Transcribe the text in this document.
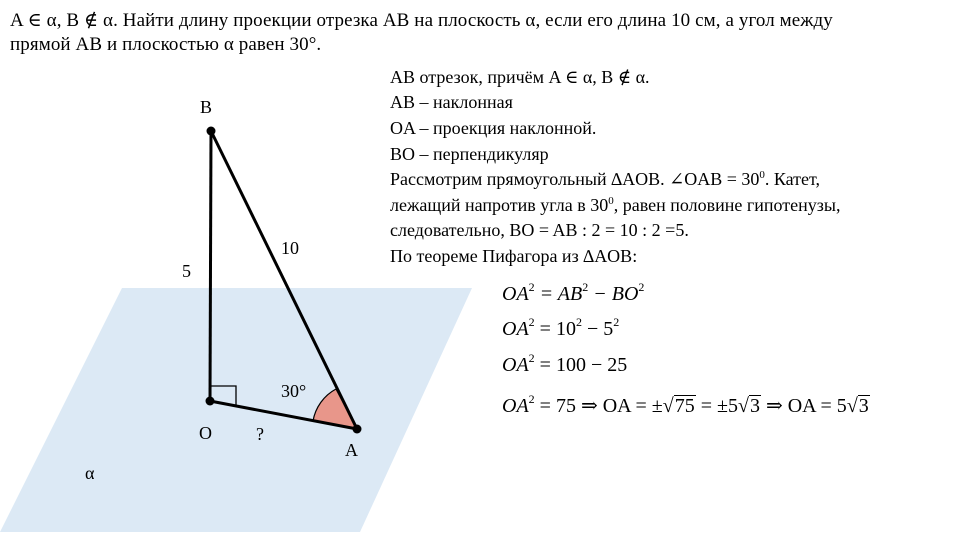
A ∈ α, B ∉ α. Найти длину проекции отрезка AB на плоскость α, если его длина 10 см, а угол между
прямой AB и плоскостью α равен 30°.
B
O
A
5
10
?
30°
α
AB отрезок, причём A ∈ α, B ∉ α.
AB – наклонная
OA – проекция наклонной.
BO – перпендикуляр
Рассмотрим прямоугольный ∆AOB. ∠OAB = $30^0$. Катет,
лежащий напротив угла в $30^0$, равен половине гипотенузы,
следовательно, BO = AB : 2 = 10 : 2 =5.
По теореме Пифагора из ∆AOB:
$OA^2 = AB^2 - BO^2$
$OA^2 = 10^2 - 5^2$
$OA^2 = 100 - 25$
$OA^2 = 75$ ⇒ OA = ±√75 = ±5√3 ⇒ OA = 5√3
